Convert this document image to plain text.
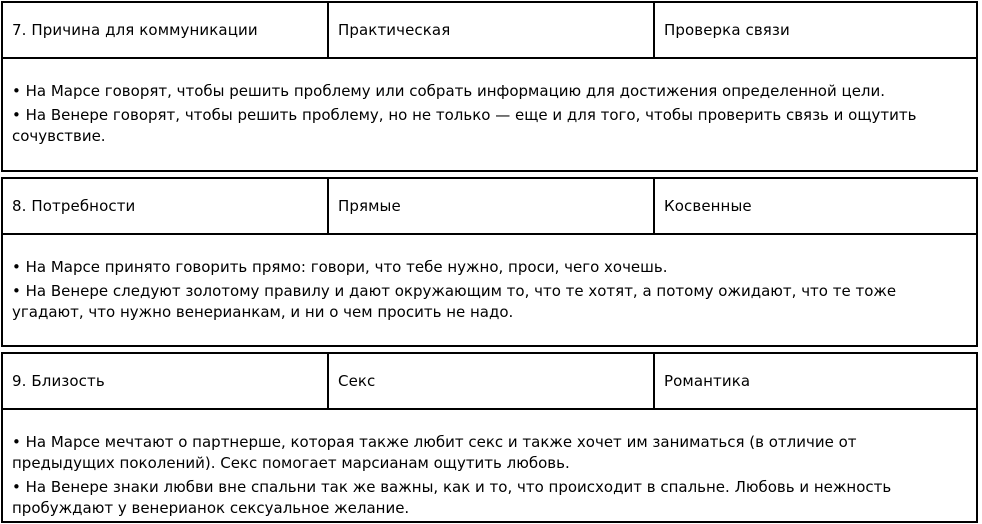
7. Причина для коммуникации	Практическая	Проверка связи
• На Марсе говорят, чтобы решить проблему или собрать информацию для достижения определенной цели.
• На Венере говорят, чтобы решить проблему, но не только — еще и для того, чтобы проверить связь и ощутить сочувствие.
8. Потребности	Прямые	Косвенные
• На Марсе принято говорить прямо: говори, что тебе нужно, проси, чего хочешь.
• На Венере следуют золотому правилу и дают окружающим то, что те хотят, а потому ожидают, что те тоже угадают, что нужно венерианкам, и ни о чем просить не надо.
9. Близость	Секс	Романтика
• На Марсе мечтают о партнерше, которая также любит секс и также хочет им заниматься (в отличие от предыдущих поколений). Секс помогает марсианам ощутить любовь.
• На Венере знаки любви вне спальни так же важны, как и то, что происходит в спальне. Любовь и нежность пробуждают у венерианок сексуальное желание.
